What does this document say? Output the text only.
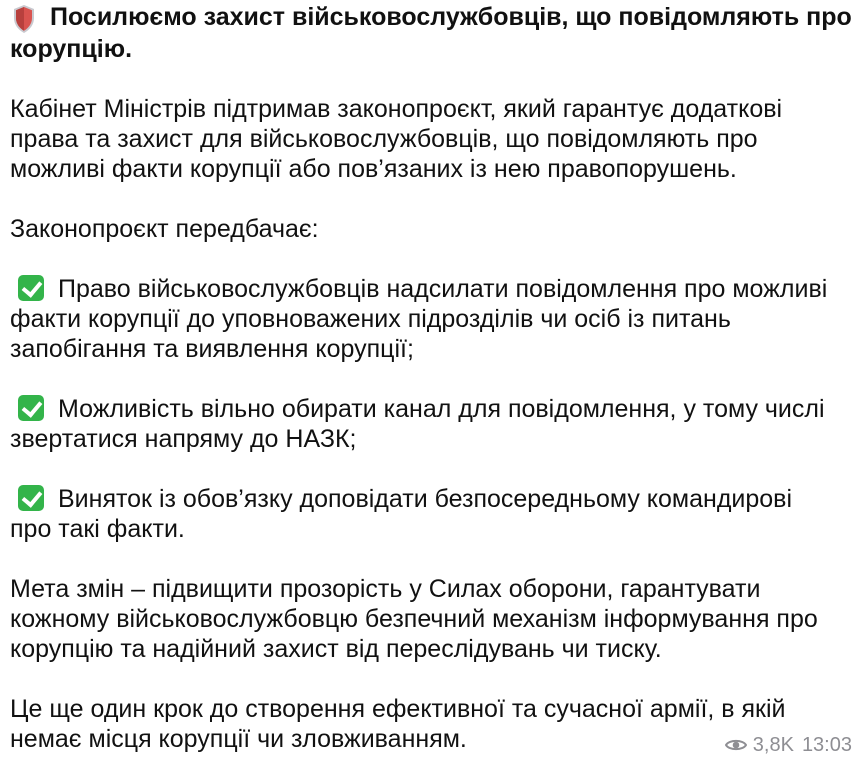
Посилюємо захист військовослужбовців, що повідомляють про
корупцію.
Кабінет Міністрів підтримав законопроєкт, який гарантує додаткові
права та захист для військовослужбовців, що повідомляють про
можливі факти корупції або пов’язаних із нею правопорушень.
Законопроєкт передбачає:
Право військовослужбовців надсилати повідомлення про можливі
факти корупції до уповноважених підрозділів чи осіб із питань
запобігання та виявлення корупції;
Можливість вільно обирати канал для повідомлення, у тому числі
звертатися напряму до НАЗК;
Виняток із обов’язку доповідати безпосередньому командирові
про такі факти.
Мета змін – підвищити прозорість у Силах оборони, гарантувати
кожному військовослужбовцю безпечний механізм інформування про
корупцію та надійний захист від переслідувань чи тиску.
Це ще один крок до створення ефективної та сучасної армії, в якій
немає місця корупції чи зловживанням.	3,8K 13:03
